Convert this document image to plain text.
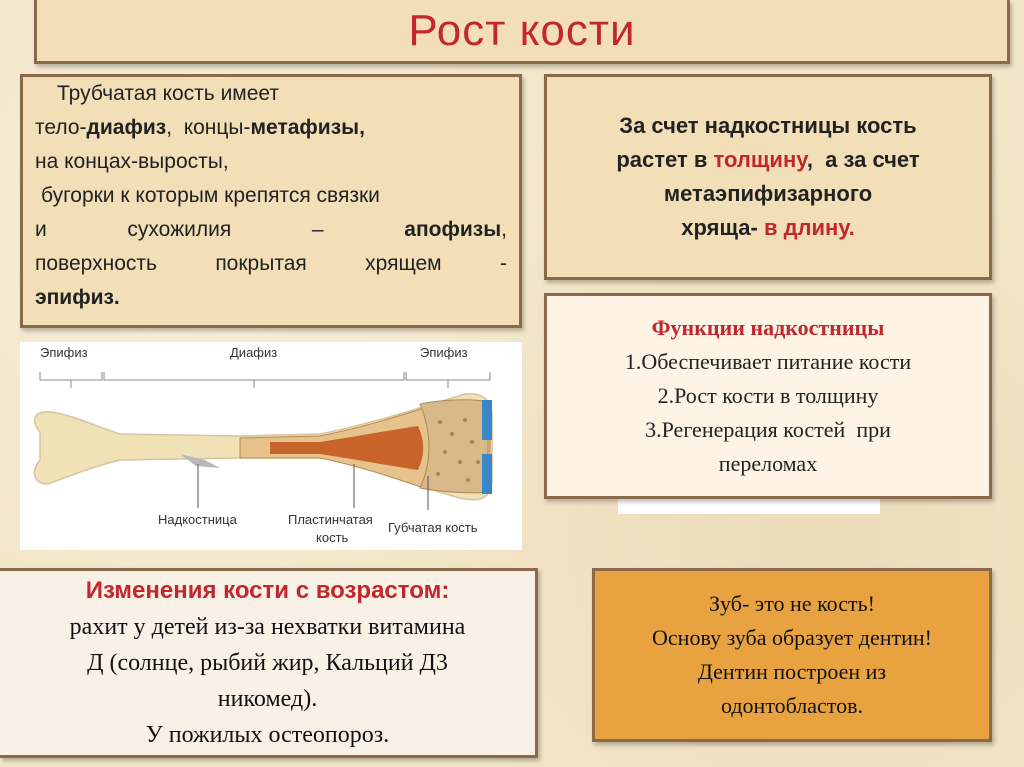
Рост кости
Трубчатая кость имеет
тело-диафиз,  концы-метафизы,
на концах-выросты,
бугорки к которым крепятся связки
и	сухожилия	–	апофизы,
поверхность	покрытая	хрящем	-
эпифиз.
За счет надкостницы кость
растет в толщину,  а за счет
метаэпифизарного
хряща- в длину.
Эпифиз	Диафиз	Эпифиз
Надкостница	Пластинчатая
кость
Губчатая кость
Функции надкостницы
1.Обеспечивает питание кости
2.Рост кости в толщину
3.Регенерация костей  при
переломах
Изменения кости с возрастом:
рахит у детей из-за нехватки витамина
Д (солнце, рыбий жир, Кальций Д3
никомед).
У пожилых остеопороз.
Зуб- это не кость!
Основу зуба образует дентин!
Дентин построен из
одонтобластов.
